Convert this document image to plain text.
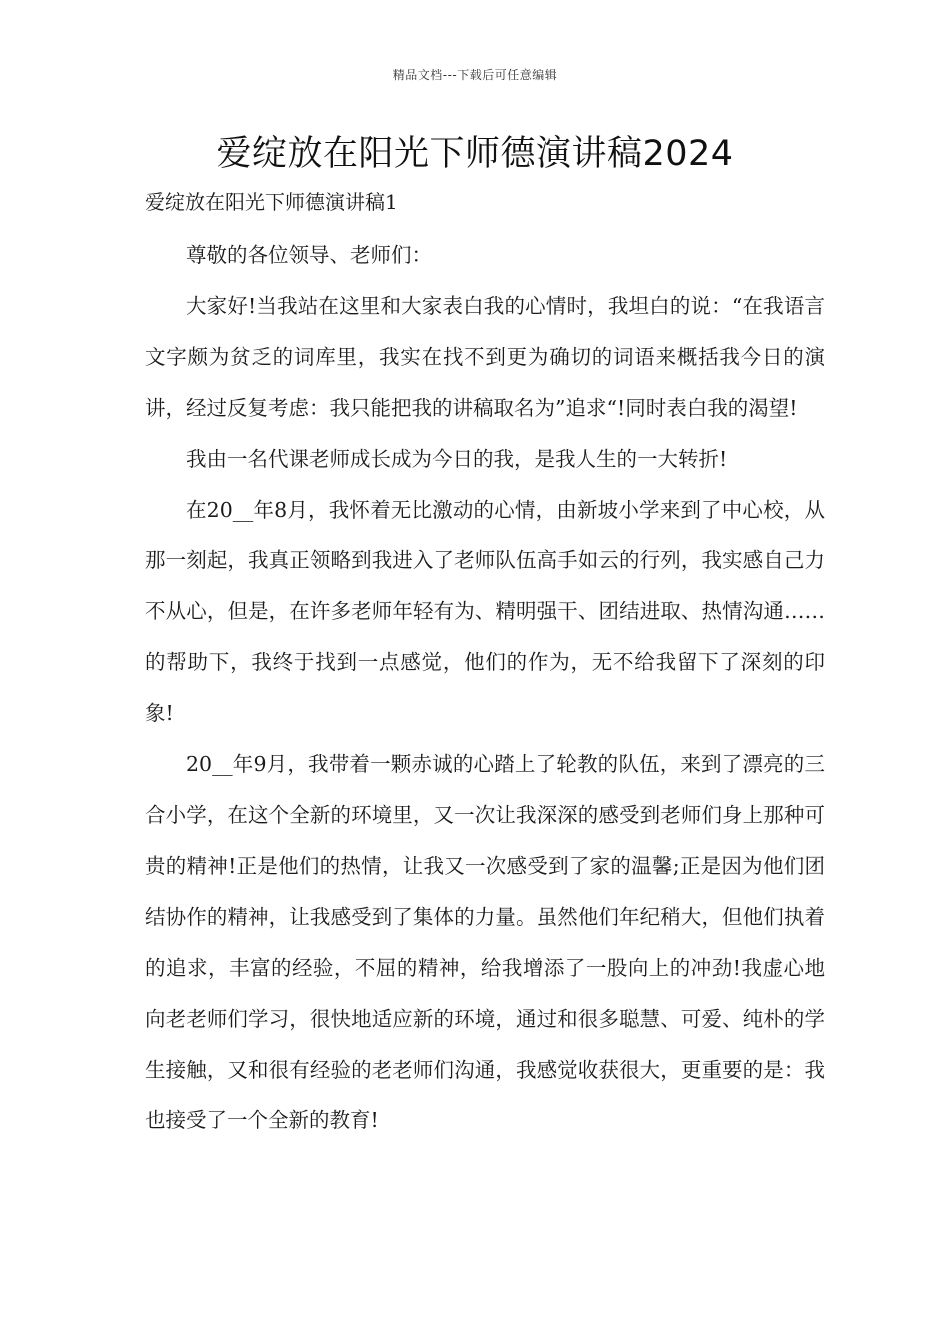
精品文档---下载后可任意编辑
爱绽放在阳光下师德演讲稿2024
爱绽放在阳光下师德演讲稿1

尊敬的各位领导、老师们：

大家好!当我站在这里和大家表白我的心情时，我坦白的说：“在我语言文字颇为贫乏的词库里，我实在找不到更为确切的词语来概括我今日的演讲，经过反复考虑：我只能把我的讲稿取名为”追求“!同时表白我的渴望!

我由一名代课老师成长成为今日的我，是我人生的一大转折!

在20__年8月，我怀着无比激动的心情，由新坡小学来到了中心校，从那一刻起，我真正领略到我进入了老师队伍高手如云的行列，我实感自己力不从心，但是，在许多老师年轻有为、精明强干、团结进取、热情沟通……的帮助下，我终于找到一点感觉，他们的作为，无不给我留下了深刻的印象!

20__年9月，我带着一颗赤诚的心踏上了轮教的队伍，来到了漂亮的三合小学，在这个全新的环境里，又一次让我深深的感受到老师们身上那种可贵的精神!正是他们的热情，让我又一次感受到了家的温馨;正是因为他们团结协作的精神，让我感受到了集体的力量。虽然他们年纪稍大，但他们执着的追求，丰富的经验，不屈的精神，给我增添了一股向上的冲劲!我虚心地向老老师们学习，很快地适应新的环境，通过和很多聪慧、可爱、纯朴的学生接触，又和很有经验的老老师们沟通，我感觉收获很大，更重要的是：我也接受了一个全新的教育!
